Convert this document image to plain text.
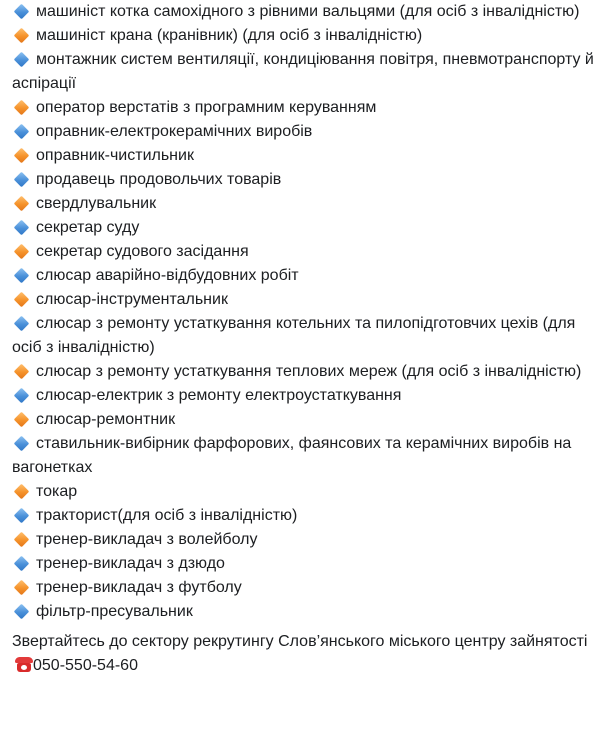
машиніст котка самохідного з рівними вальцями (для осіб з інвалідністю)
машиніст крана (кранівник) (для осіб з інвалідністю)
монтажник систем вентиляції, кондиціювання повітря, пневмотранспорту й аспірації
оператор верстатів з програмним керуванням
оправник-електрокерамічних виробів
оправник-чистильник
продавець продовольчих товарів
свердлувальник
секретар суду
секретар судового засідання
слюсар аварійно-відбудовних робіт
слюсар-інструментальник
слюсар з ремонту устаткування котельних та пилопідготовчих цехів (для осіб з інвалідністю)
слюсар з ремонту устаткування теплових мереж (для осіб з інвалідністю)
слюсар-електрик з ремонту електроустаткування
слюсар-ремонтник
ставильник-вибірник фарфорових, фаянсових та керамічних виробів на вагонетках
токар
тракторист(для осіб з інвалідністю)
тренер-викладач з волейболу
тренер-викладач з дзюдо
тренер-викладач з футболу
фільтр-пресувальник
Звертайтесь до сектору рекрутингу Слов’янського міського центру зайнятості
050-550-54-60
